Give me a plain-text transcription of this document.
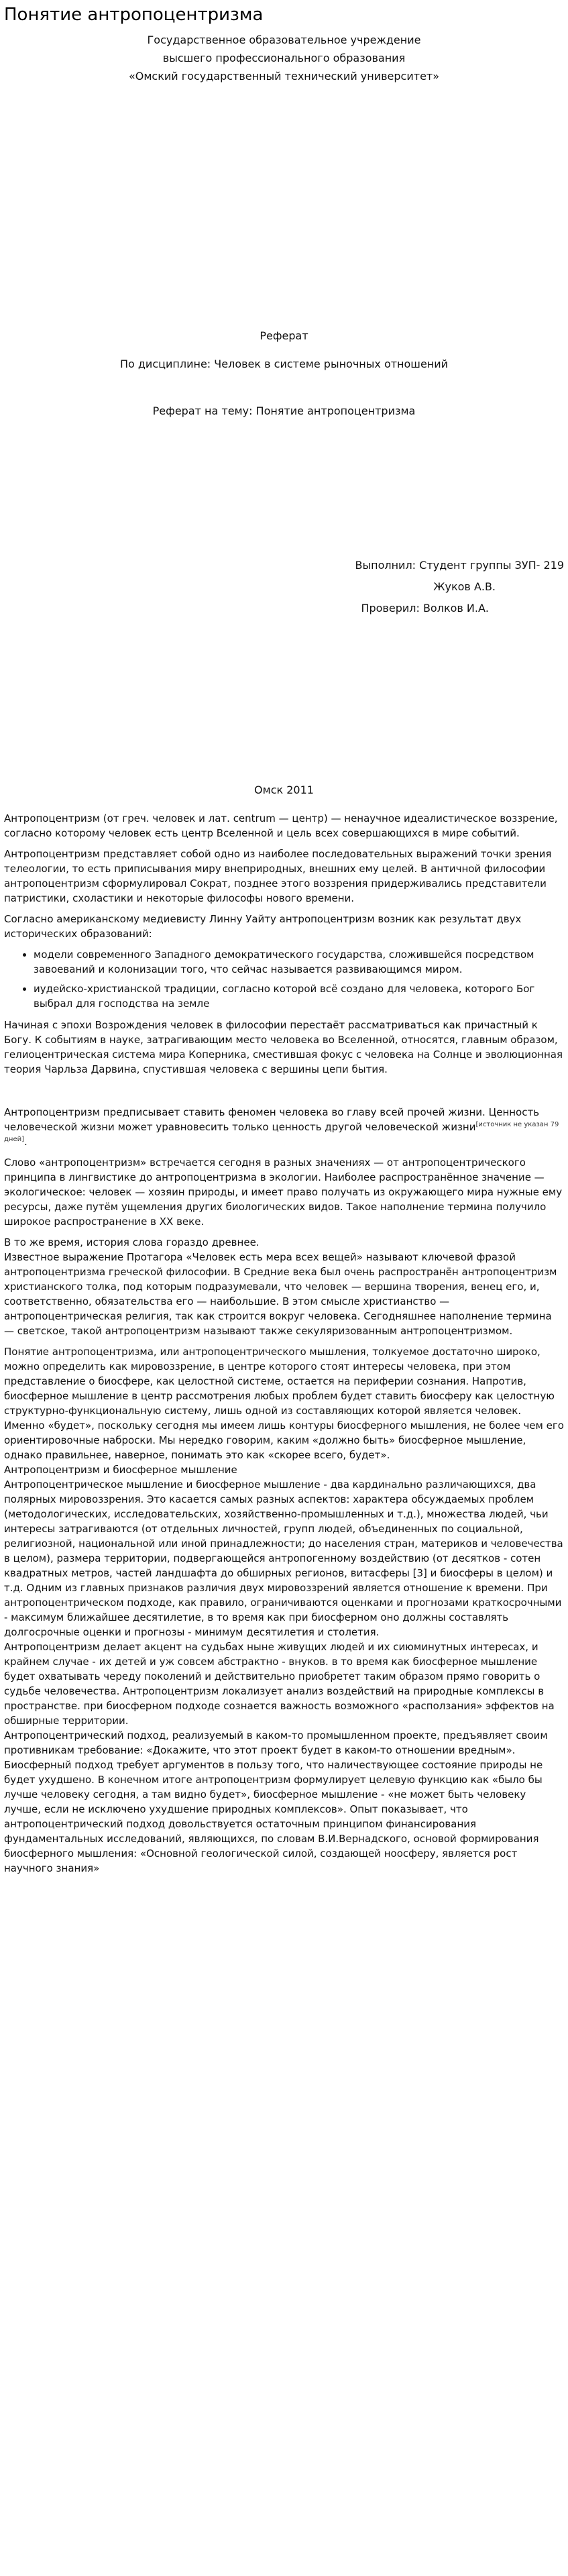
Понятие антропоцентризма
Государственное образовательное учреждение
высшего профессионального образования
«Омский государственный технический университет»
Реферат
По дисциплине: Человек в системе рыночных отношений
Реферат на тему: Понятие антропоцентризма
Выполнил: Студент группы ЗУП- 219
Жуков А.В.
Проверил: Волков И.А.
Омск 2011

Антропоцентризм (от греч. человек и лат. centrum — центр) — ненаучное идеалистическое воззрение, согласно которому человек есть центр Вселенной и цель всех совершающихся в мире событий.

Антропоцентризм представляет собой одно из наиболее последовательных выражений точки зрения телеологии, то есть приписывания миру внеприродных, внешних ему целей. В античной философии антропоцентризм сформулировал Сократ, позднее этого воззрения придерживались представители патристики, схоластики и некоторые философы нового времени.

Согласно американскому медиевисту Линну Уайту антропоцентризм возник как результат двух исторических образований:

• модели современного Западного демократического государства, сложившейся посредством завоеваний и колонизации того, что сейчас называется развивающимся миром.
• иудейско-христианской традиции, согласно которой всё создано для человека, которого Бог выбрал для господства на земле

Начиная с эпохи Возрождения человек в философии перестаёт рассматриваться как причастный к Богу. К событиям в науке, затрагивающим место человека во Вселенной, относятся, главным образом, гелиоцентрическая система мира Коперника, сместившая фокус с человека на Солнце и эволюционная теория Чарльза Дарвина, спустившая человека с вершины цепи бытия.

Антропоцентризм предписывает ставить феномен человека во главу всей прочей жизни. Ценность человеческой жизни может уравновесить только ценность другой человеческой жизни[источник не указан 79 дней].

Слово «антропоцентризм» встречается сегодня в разных значениях — от антропоцентрического принципа в лингвистике до антропоцентризма в экологии. Наиболее распространённое значение — экологическое: человек — хозяин природы, и имеет право получать из окружающего мира нужные ему ресурсы, даже путём ущемления других биологических видов. Такое наполнение термина получило широкое распространение в XX веке.

В то же время, история слова гораздо древнее.

Известное выражение Протагора «Человек есть мера всех вещей» называют ключевой фразой антропоцентризма греческой философии. В Средние века был очень распространён антропоцентризм христианского толка, под которым подразумевали, что человек — вершина творения, венец его, и, соответственно, обязательства его — наибольшие. В этом смысле христианство — антропоцентрическая религия, так как строится вокруг человека. Сегодняшнее наполнение термина — светское, такой антропоцентризм называют также секуляризованным антропоцентризмом.

Понятие антропоцентризма, или антропоцентрического мышления, толкуемое достаточно широко, можно определить как мировоззрение, в центре которого стоят интересы человека, при этом представление о биосфере, как целостной системе, остается на периферии сознания. Напротив, биосферное мышление в центр рассмотрения любых проблем будет ставить биосферу как целостную структурно-функциональную систему, лишь одной из составляющих которой является человек. Именно «будет», поскольку сегодня мы имеем лишь контуры биосферного мышления, не более чем его ориентировочные наброски. Мы нередко говорим, каким «должно быть» биосферное мышление, однако правильнее, наверное, понимать это как «скорее всего, будет».

Антропоцентризм и биосферное мышление

Антропоцентрическое мышление и биосферное мышление - два кардинально различающихся, два полярных мировоззрения. Это касается самых разных аспектов: характера обсуждаемых проблем (методологических, исследовательских, хозяйственно-промышленных и т.д.), множества людей, чьи интересы затрагиваются (от отдельных личностей, групп людей, объединенных по социальной, религиозной, национальной или иной принадлежности; до населения стран, материков и человечества в целом), размера территории, подвергающейся антропогенному воздействию (от десятков - сотен квадратных метров, частей ландшафта до обширных регионов, витасферы [3] и биосферы в целом) и т.д. Одним из главных признаков различия двух мировоззрений является отношение к времени. При антропоцентрическом подходе, как правило, ограничиваются оценками и прогнозами краткосрочными - максимум ближайшее десятилетие, в то время как при биосферном оно должны составлять долгосрочные оценки и прогнозы - минимум десятилетия и столетия.

Антропоцентризм делает акцент на судьбах ныне живущих людей и их сиюминутных интересах, и крайнем случае - их детей и уж совсем абстрактно - внуков. в то время как биосферное мышление будет охватывать череду поколений и действительно приобретет таким образом прямо говорить о судьбе человечества. Антропоцентризм локализует анализ воздействий на природные комплексы в пространстве. при биосферном подходе сознается важность возможного «расползания» эффектов на обширные территории.

Антропоцентрический подход, реализуемый в каком-то промышленном проекте, предъявляет своим противникам требование: «Докажите, что этот проект будет в каком-то отношении вредным». Биосферный подход требует аргументов в пользу того, что наличествующее состояние природы не будет ухудшено. В конечном итоге антропоцентризм формулирует целевую функцию как «было бы лучше человеку сегодня, а там видно будет», биосферное мышление - «не может быть человеку лучше, если не исключено ухудшение природных комплексов». Опыт показывает, что антропоцентрический подход довольствуется остаточным принципом финансирования фундаментальных исследований, являющихся, по словам В.И.Вернадского, основой формирования биосферного мышления: «Основной геологической силой, создающей ноосферу, является рост научного знания»
